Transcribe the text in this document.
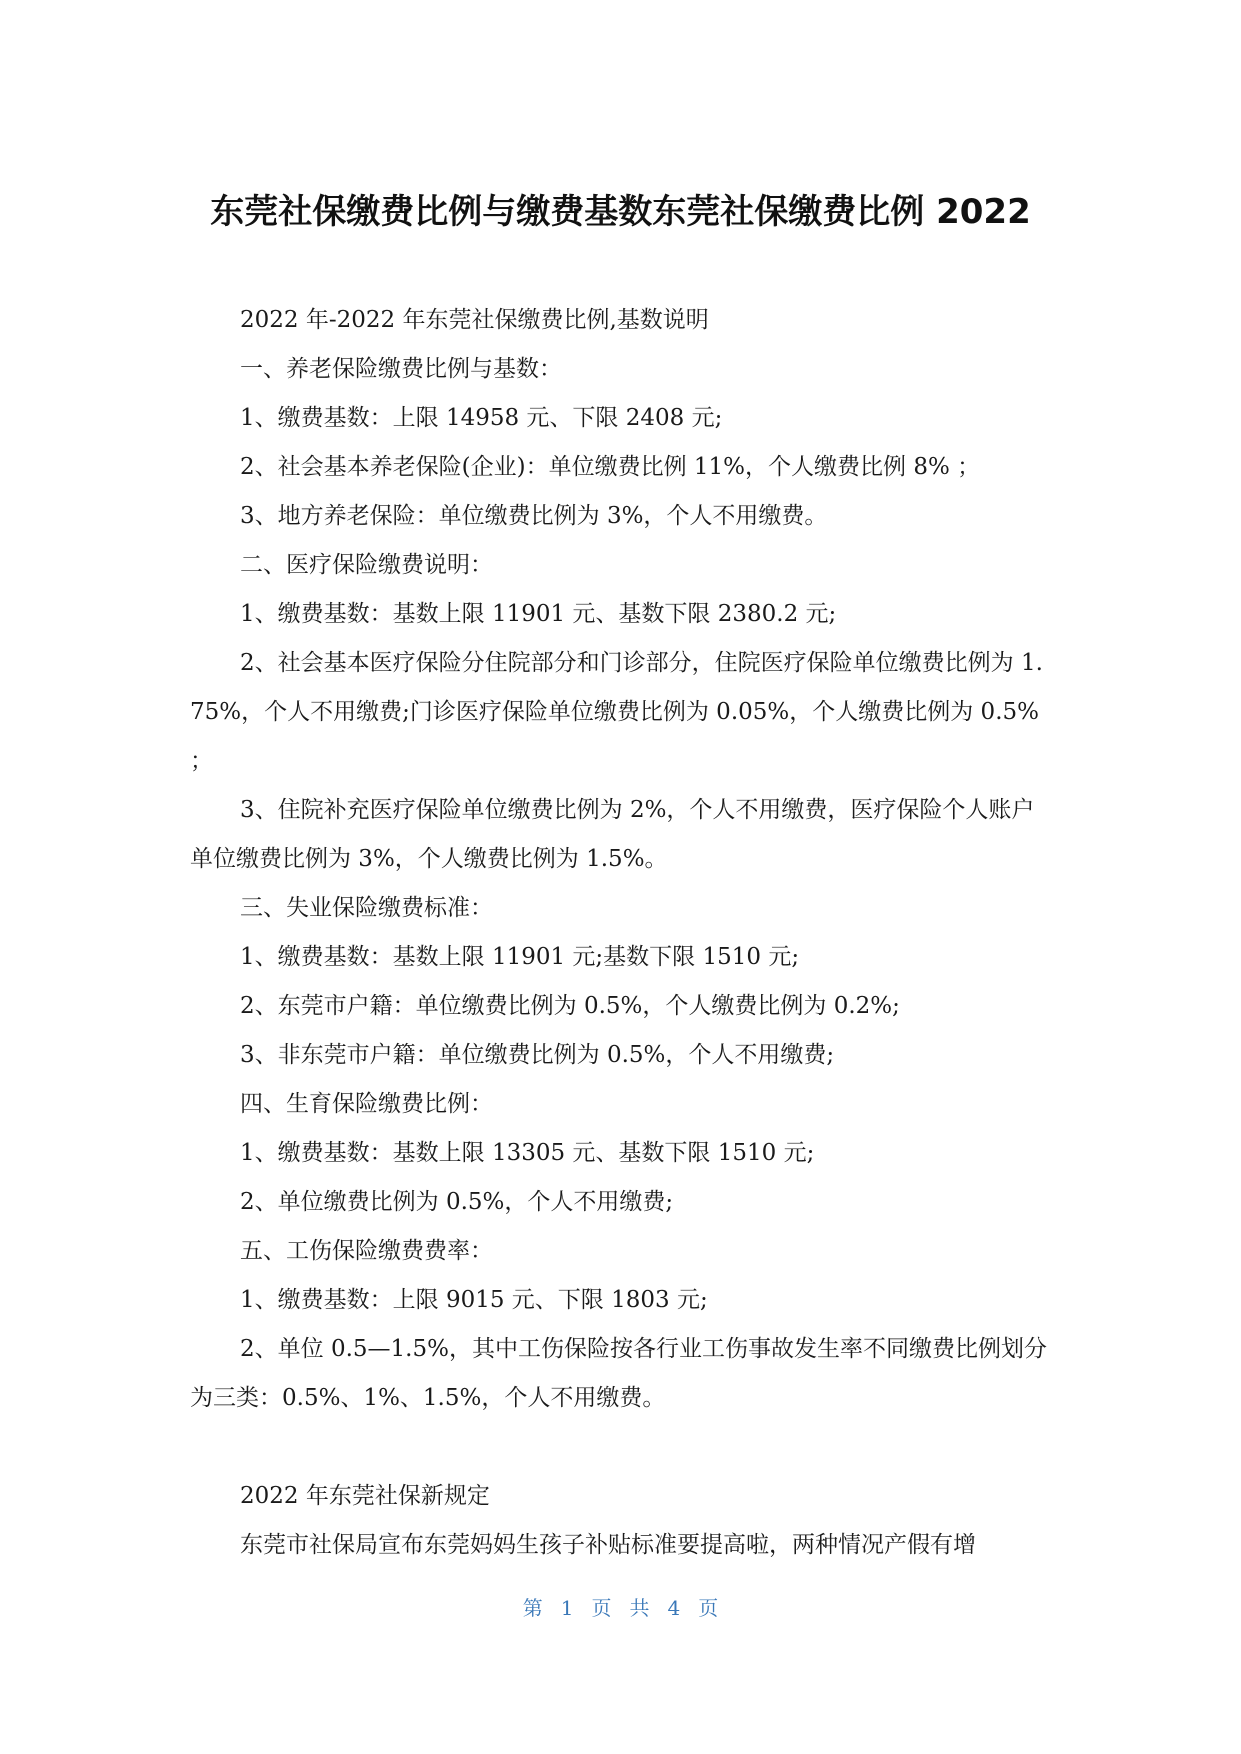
东莞社保缴费比例与缴费基数东莞社保缴费比例 2022

2022 年-2022 年东莞社保缴费比例,基数说明

一、养老保险缴费比例与基数：

1、缴费基数：上限 14958 元、下限 2408 元;

2、社会基本养老保险(企业)：单位缴费比例 11%，个人缴费比例 8% ；

3、地方养老保险：单位缴费比例为 3%，个人不用缴费。

二、医疗保险缴费说明：

1、缴费基数：基数上限 11901 元、基数下限 2380.2 元;

2、社会基本医疗保险分住院部分和门诊部分，住院医疗保险单位缴费比例为 1.75%，个人不用缴费;门诊医疗保险单位缴费比例为 0.05%，个人缴费比例为 0.5% ；

3、住院补充医疗保险单位缴费比例为 2%，个人不用缴费，医疗保险个人账户单位缴费比例为 3%，个人缴费比例为 1.5%。

三、失业保险缴费标准：

1、缴费基数：基数上限 11901 元;基数下限 1510 元;

2、东莞市户籍：单位缴费比例为 0.5%，个人缴费比例为 0.2%;

3、非东莞市户籍：单位缴费比例为 0.5%，个人不用缴费;

四、生育保险缴费比例：

1、缴费基数：基数上限 13305 元、基数下限 1510 元;

2、单位缴费比例为 0.5%，个人不用缴费;

五、工伤保险缴费费率：

1、缴费基数：上限 9015 元、下限 1803 元;

2、单位 0.5—1.5%，其中工伤保险按各行业工伤事故发生率不同缴费比例划分为三类：0.5%、1%、1.5%，个人不用缴费。

2022 年东莞社保新规定

东莞市社保局宣布东莞妈妈生孩子补贴标准要提高啦，两种情况产假有增

第 1 页 共 4 页
